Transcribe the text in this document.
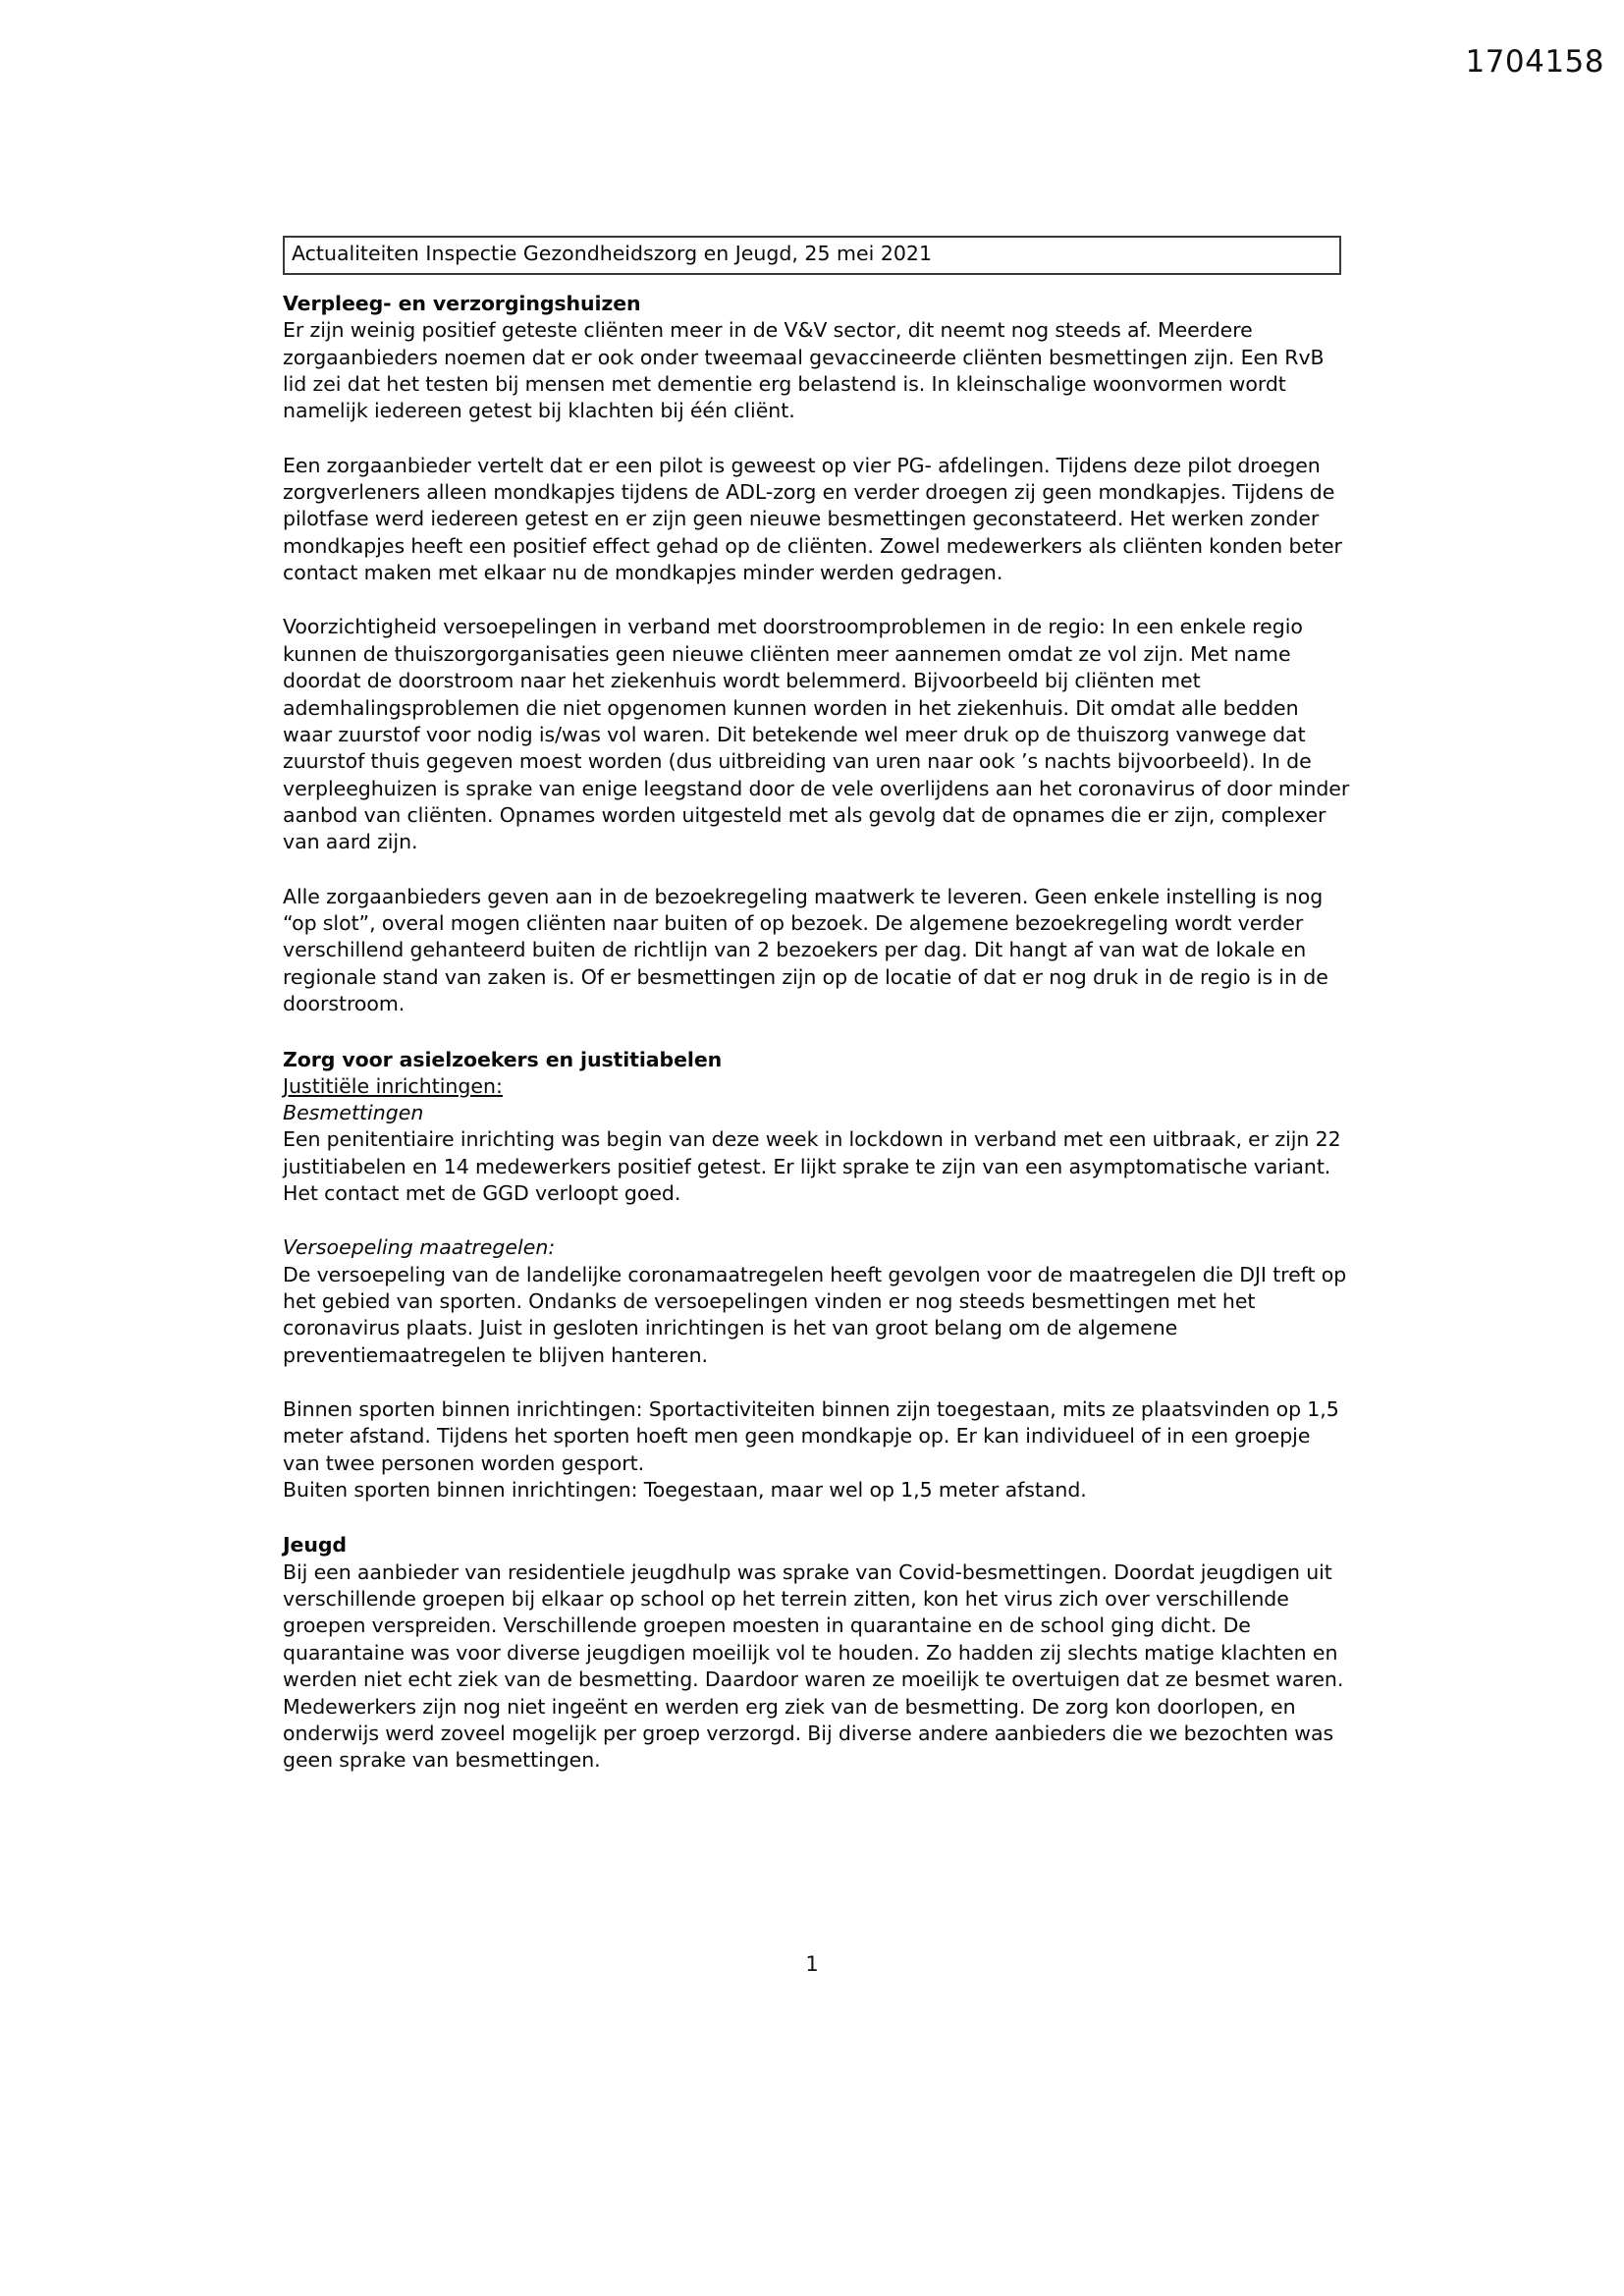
1704158
Actualiteiten Inspectie Gezondheidszorg en Jeugd, 25 mei 2021
Verpleeg- en verzorgingshuizen

Er zijn weinig positief geteste cliënten meer in de V&V sector, dit neemt nog steeds af. Meerdere zorgaanbieders noemen dat er ook onder tweemaal gevaccineerde cliënten besmettingen zijn. Een RvB lid zei dat het testen bij mensen met dementie erg belastend is. In kleinschalige woonvormen wordt namelijk iedereen getest bij klachten bij één cliënt.

Een zorgaanbieder vertelt dat er een pilot is geweest op vier PG- afdelingen. Tijdens deze pilot droegen zorgverleners alleen mondkapjes tijdens de ADL-zorg en verder droegen zij geen mondkapjes. Tijdens de pilotfase werd iedereen getest en er zijn geen nieuwe besmettingen geconstateerd. Het werken zonder mondkapjes heeft een positief effect gehad op de cliënten. Zowel medewerkers als cliënten konden beter contact maken met elkaar nu de mondkapjes minder werden gedragen.

Voorzichtigheid versoepelingen in verband met doorstroomproblemen in de regio: In een enkele regio kunnen de thuiszorgorganisaties geen nieuwe cliënten meer aannemen omdat ze vol zijn. Met name doordat de doorstroom naar het ziekenhuis wordt belemmerd. Bijvoorbeeld bij cliënten met ademhalingsproblemen die niet opgenomen kunnen worden in het ziekenhuis. Dit omdat alle bedden waar zuurstof voor nodig is/was vol waren. Dit betekende wel meer druk op de thuiszorg vanwege dat zuurstof thuis gegeven moest worden (dus uitbreiding van uren naar ook ’s nachts bijvoorbeeld). In de verpleeghuizen is sprake van enige leegstand door de vele overlijdens aan het coronavirus of door minder aanbod van cliënten. Opnames worden uitgesteld met als gevolg dat de opnames die er zijn, complexer van aard zijn.

Alle zorgaanbieders geven aan in de bezoekregeling maatwerk te leveren. Geen enkele instelling is nog “op slot”, overal mogen cliënten naar buiten of op bezoek. De algemene bezoekregeling wordt verder verschillend gehanteerd buiten de richtlijn van 2 bezoekers per dag. Dit hangt af van wat de lokale en regionale stand van zaken is. Of er besmettingen zijn op de locatie of dat er nog druk in de regio is in de doorstroom.

Zorg voor asielzoekers en justitiabelen
Justitiële inrichtingen:
Besmettingen

Een penitentiaire inrichting was begin van deze week in lockdown in verband met een uitbraak, er zijn 22 justitiabelen en 14 medewerkers positief getest. Er lijkt sprake te zijn van een asymptomatische variant. Het contact met de GGD verloopt goed.

Versoepeling maatregelen:

De versoepeling van de landelijke coronamaatregelen heeft gevolgen voor de maatregelen die DJI treft op het gebied van sporten. Ondanks de versoepelingen vinden er nog steeds besmettingen met het coronavirus plaats. Juist in gesloten inrichtingen is het van groot belang om de algemene preventiemaatregelen te blijven hanteren.

Binnen sporten binnen inrichtingen: Sportactiviteiten binnen zijn toegestaan, mits ze plaatsvinden op 1,5 meter afstand. Tijdens het sporten hoeft men geen mondkapje op. Er kan individueel of in een groepje van twee personen worden gesport.

Buiten sporten binnen inrichtingen: Toegestaan, maar wel op 1,5 meter afstand.

Jeugd

Bij een aanbieder van residentiele jeugdhulp was sprake van Covid-besmettingen. Doordat jeugdigen uit verschillende groepen bij elkaar op school op het terrein zitten, kon het virus zich over verschillende groepen verspreiden. Verschillende groepen moesten in quarantaine en de school ging dicht. De quarantaine was voor diverse jeugdigen moeilijk vol te houden. Zo hadden zij slechts matige klachten en werden niet echt ziek van de besmetting. Daardoor waren ze moeilijk te overtuigen dat ze besmet waren. Medewerkers zijn nog niet ingeënt en werden erg ziek van de besmetting. De zorg kon doorlopen, en onderwijs werd zoveel mogelijk per groep verzorgd. Bij diverse andere aanbieders die we bezochten was geen sprake van besmettingen.

1
